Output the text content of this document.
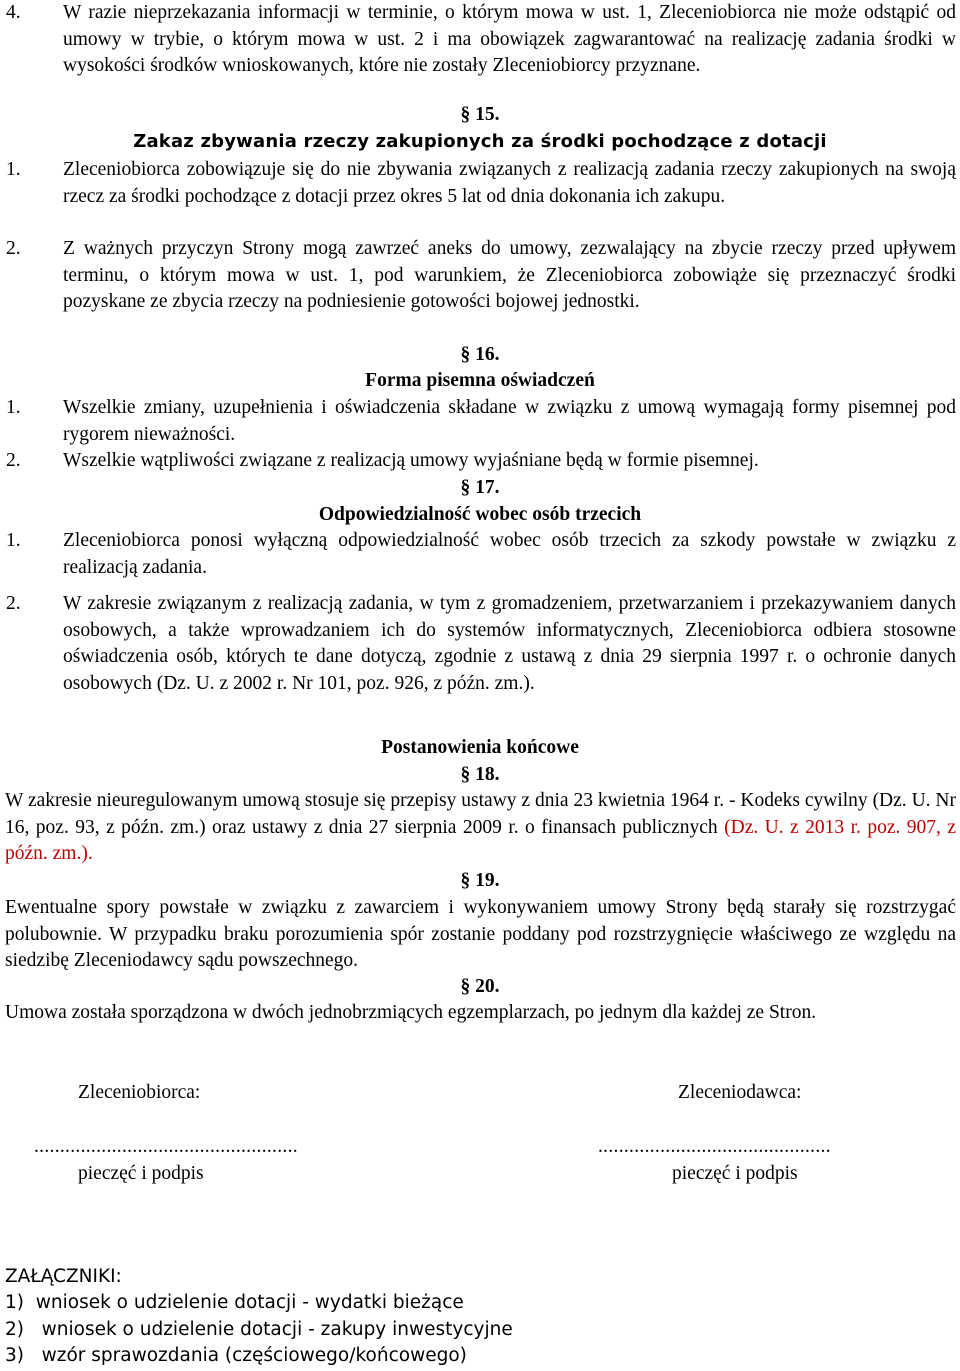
4. W razie nieprzekazania informacji w terminie, o którym mowa w ust. 1, Zleceniobiorca nie może odstąpić od umowy w trybie, o którym mowa w ust. 2 i ma obowiązek zagwarantować na realizację zadania środki w wysokości środków wnioskowanych, które nie zostały Zleceniobiorcy przyznane.
§ 15.
Zakaz zbywania rzeczy zakupionych za środki pochodzące z dotacji
1. Zleceniobiorca zobowiązuje się do nie zbywania związanych z realizacją zadania rzeczy zakupionych na swoją rzecz za środki pochodzące z dotacji przez okres 5 lat od dnia dokonania ich zakupu.
2. Z ważnych przyczyn Strony mogą zawrzeć aneks do umowy, zezwalający na zbycie rzeczy przed upływem terminu, o którym mowa w ust. 1, pod warunkiem, że Zleceniobiorca zobowiąże się przeznaczyć środki pozyskane ze zbycia rzeczy na podniesienie gotowości bojowej jednostki.
§ 16.
Forma pisemna oświadczeń
1. Wszelkie zmiany, uzupełnienia i oświadczenia składane w związku z umową wymagają formy pisemnej pod rygorem nieważności.
2. Wszelkie wątpliwości związane z realizacją umowy wyjaśniane będą w formie pisemnej.
§ 17.
Odpowiedzialność wobec osób trzecich
1. Zleceniobiorca ponosi wyłączną odpowiedzialność wobec osób trzecich za szkody powstałe w związku z realizacją zadania.
2. W zakresie związanym z realizacją zadania, w tym z gromadzeniem, przetwarzaniem i przekazywaniem danych osobowych, a także wprowadzaniem ich do systemów informatycznych, Zleceniobiorca odbiera stosowne oświadczenia osób, których te dane dotyczą, zgodnie z ustawą z dnia 29 sierpnia 1997 r. o ochronie danych osobowych (Dz. U. z 2002 r. Nr 101, poz. 926, z późn. zm.).
Postanowienia końcowe
§ 18.
W zakresie nieuregulowanym umową stosuje się przepisy ustawy z dnia 23 kwietnia 1964 r. - Kodeks cywilny (Dz. U. Nr 16, poz. 93, z późn. zm.) oraz ustawy z dnia 27 sierpnia 2009 r. o finansach publicznych (Dz. U. z 2013 r. poz. 907, z późn. zm.).
§ 19.
Ewentualne spory powstałe w związku z zawarciem i wykonywaniem umowy Strony będą starały się rozstrzygać polubownie. W przypadku braku porozumienia spór zostanie poddany pod rozstrzygnięcie właściwego ze względu na siedzibę Zleceniodawcy sądu powszechnego.
§ 20.
Umowa została sporządzona w dwóch jednobrzmiących egzemplarzach, po jednym dla każdej ze Stron.
Zleceniobiorca:	Zleceniodawca:
...................................................	.............................................
pieczęć i podpis	pieczęć i podpis
ZAŁĄCZNIKI:
1)  wniosek o udzielenie dotacji - wydatki bieżące
2)   wniosek o udzielenie dotacji - zakupy inwestycyjne
3)   wzór sprawozdania (częściowego/końcowego)
